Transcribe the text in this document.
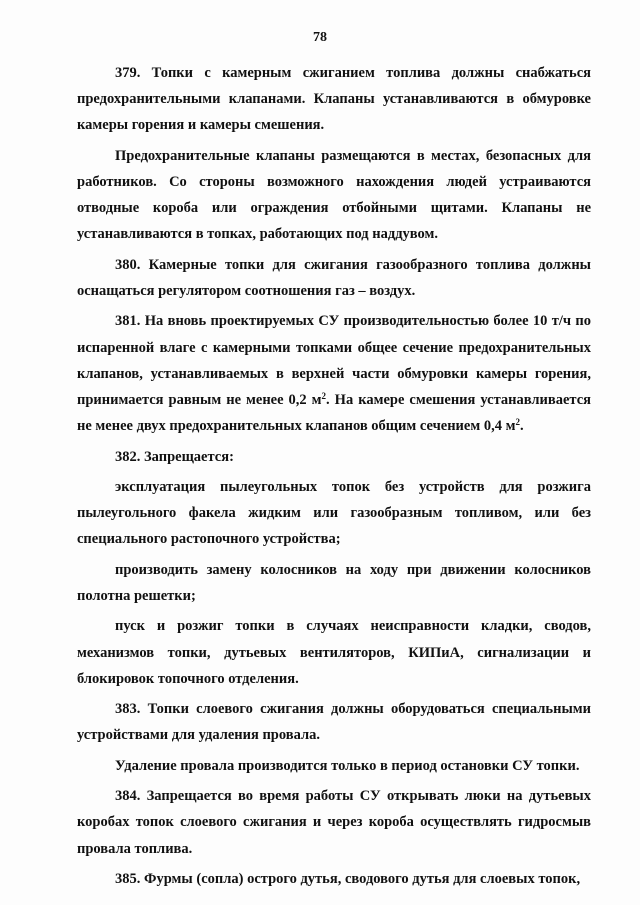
78

379. Топки с камерным сжиганием топлива должны снабжаться предохранительными клапанами. Клапаны устанавливаются в обмуровке камеры горения и камеры смешения.

Предохранительные клапаны размещаются в местах, безопасных для работников. Со стороны возможного нахождения людей устраиваются отводные короба или ограждения отбойными щитами. Клапаны не устанавливаются в топках, работающих под наддувом.

380. Камерные топки для сжигания газообразного топлива должны оснащаться регулятором соотношения газ – воздух.

381. На вновь проектируемых СУ производительностью более 10 т/ч по испаренной влаге с камерными топками общее сечение предохранительных клапанов, устанавливаемых в верхней части обмуровки камеры горения, принимается равным не менее 0,2 $м^2$. На камере смешения устанавливается не менее двух предохранительных клапанов общим сечением 0,4 $м^2$.

382. Запрещается:

эксплуатация пылеугольных топок без устройств для розжига пылеугольного факела жидким или газообразным топливом, или без специального растопочного устройства;

производить замену колосников на ходу при движении колосников полотна решетки;

пуск и розжиг топки в случаях неисправности кладки, сводов, механизмов топки, дутьевых вентиляторов, КИПиА, сигнализации и блокировок топочного отделения.

383. Топки слоевого сжигания должны оборудоваться специальными устройствами для удаления провала.

Удаление провала производится только в период остановки СУ топки.

384. Запрещается во время работы СУ открывать люки на дутьевых коробах топок слоевого сжигания и через короба осуществлять гидросмыв провала топлива.

385. Фурмы (сопла) острого дутья, сводового дутья для слоевых топок,
